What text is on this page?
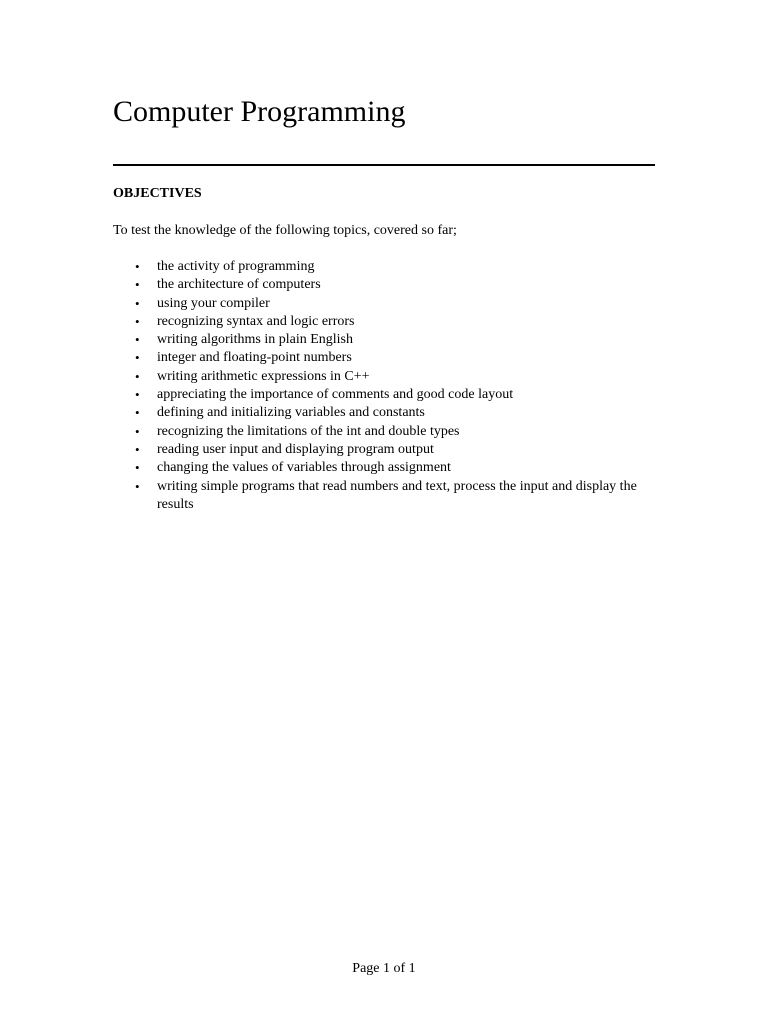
Computer Programming
OBJECTIVES

To test the knowledge of the following topics, covered so far;

• the activity of programming
• the architecture of computers
• using your compiler
• recognizing syntax and logic errors
• writing algorithms in plain English
• integer and floating-point numbers
• writing arithmetic expressions in C++
• appreciating the importance of comments and good code layout
• defining and initializing variables and constants
• recognizing the limitations of the int and double types
• reading user input and displaying program output
• changing the values of variables through assignment
• writing simple programs that read numbers and text, process the input and display the results

Page 1 of 1
